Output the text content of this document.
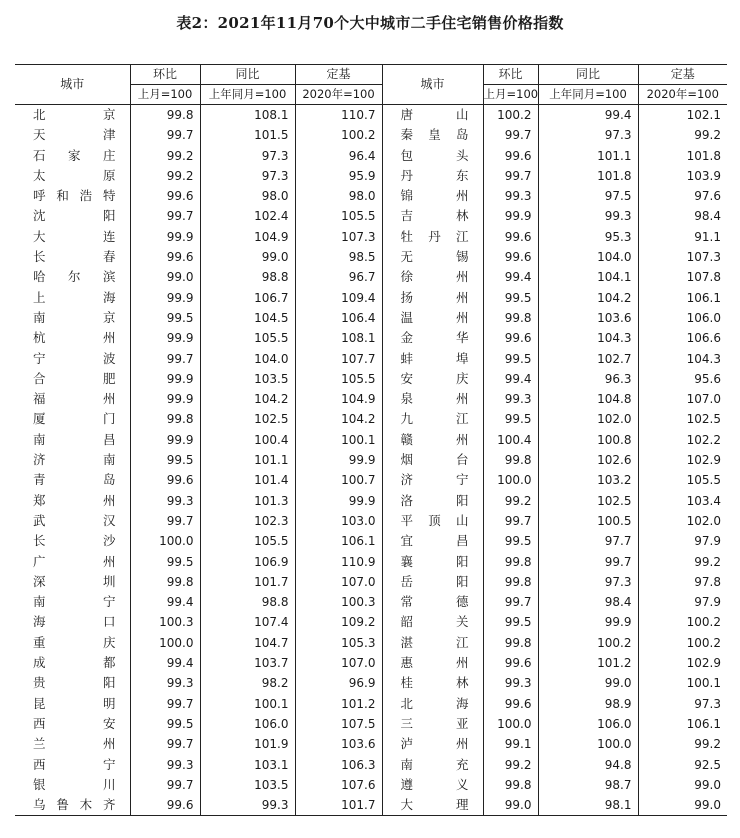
表2：2021年11月70个大中城市二手住宅销售价格指数
城市	环比	同比	定基	城市	环比	同比	定基
	上月=100	上年同月=100	2020年=100		上月=100	上年同月=100	2020年=100
北京	99.8	108.1	110.7	唐山	100.2	99.4	102.1
天津	99.7	101.5	100.2	秦皇岛	99.7	97.3	99.2
石家庄	99.2	97.3	96.4	包头	99.6	101.1	101.8
太原	99.2	97.3	95.9	丹东	99.7	101.8	103.9
呼和浩特	99.6	98.0	98.0	锦州	99.3	97.5	97.6
沈阳	99.7	102.4	105.5	吉林	99.9	99.3	98.4
大连	99.9	104.9	107.3	牡丹江	99.6	95.3	91.1
长春	99.6	99.0	98.5	无锡	99.6	104.0	107.3
哈尔滨	99.0	98.8	96.7	徐州	99.4	104.1	107.8
上海	99.9	106.7	109.4	扬州	99.5	104.2	106.1
南京	99.5	104.5	106.4	温州	99.8	103.6	106.0
杭州	99.9	105.5	108.1	金华	99.6	104.3	106.6
宁波	99.7	104.0	107.7	蚌埠	99.5	102.7	104.3
合肥	99.9	103.5	105.5	安庆	99.4	96.3	95.6
福州	99.9	104.2	104.9	泉州	99.3	104.8	107.0
厦门	99.8	102.5	104.2	九江	99.5	102.0	102.5
南昌	99.9	100.4	100.1	赣州	100.4	100.8	102.2
济南	99.5	101.1	99.9	烟台	99.8	102.6	102.9
青岛	99.6	101.4	100.7	济宁	100.0	103.2	105.5
郑州	99.3	101.3	99.9	洛阳	99.2	102.5	103.4
武汉	99.7	102.3	103.0	平顶山	99.7	100.5	102.0
长沙	100.0	105.5	106.1	宜昌	99.5	97.7	97.9
广州	99.5	106.9	110.9	襄阳	99.8	99.7	99.2
深圳	99.8	101.7	107.0	岳阳	99.8	97.3	97.8
南宁	99.4	98.8	100.3	常德	99.7	98.4	97.9
海口	100.3	107.4	109.2	韶关	99.5	99.9	100.2
重庆	100.0	104.7	105.3	湛江	99.8	100.2	100.2
成都	99.4	103.7	107.0	惠州	99.6	101.2	102.9
贵阳	99.3	98.2	96.9	桂林	99.3	99.0	100.1
昆明	99.7	100.1	101.2	北海	99.6	98.9	97.3
西安	99.5	106.0	107.5	三亚	100.0	106.0	106.1
兰州	99.7	101.9	103.6	泸州	99.1	100.0	99.2
西宁	99.3	103.1	106.3	南充	99.2	94.8	92.5
银川	99.7	103.5	107.6	遵义	99.8	98.7	99.0
乌鲁木齐	99.6	99.3	101.7	大理	99.0	98.1	99.0
